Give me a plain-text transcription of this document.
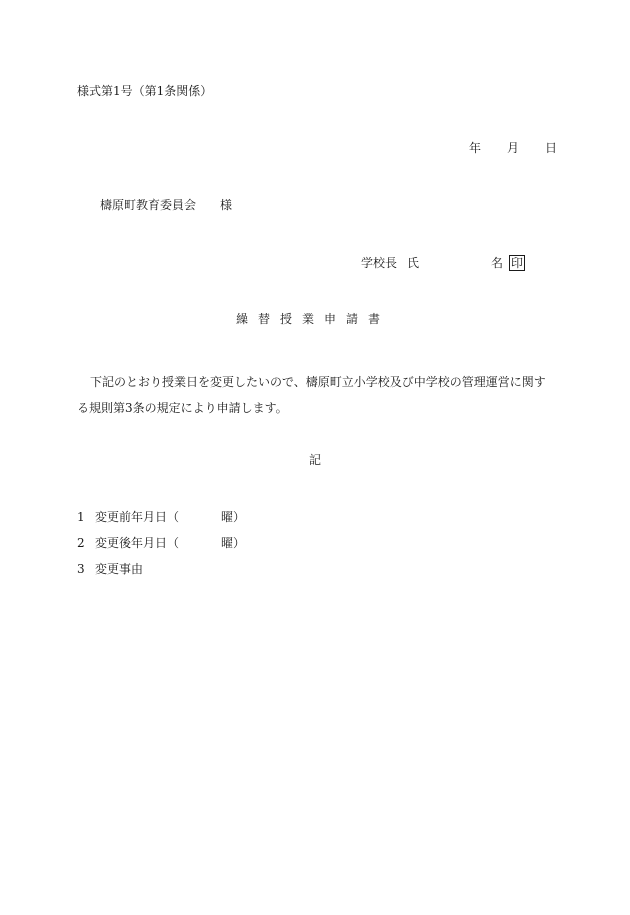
様式第1号（第1条関係）
年 月 日
檮原町教育委員会 様
学校長 氏	名 印
繰替授業申請書
下記のとおり授業日を変更したいので、檮原町立小学校及び中学校の管理運営に関する規則第3条の規定により申請します。
記
1 変更前年月日（	曜）
2 変更後年月日（	曜）
3 変更事由
